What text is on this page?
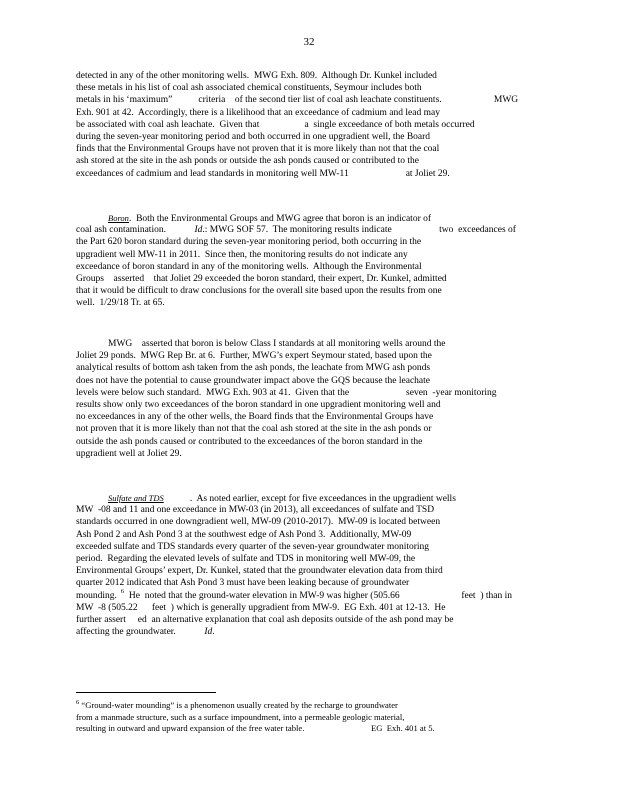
32
detected in any of the other monitoring wells.  MWG Exh. 809.  Although Dr. Kunkel included
these metals in his list of coal ash associated chemical constituents, Seymour includes both
metals in his ‘maximum”           criteria    of the second tier list of coal ash leachate constituents.                      MWG
Exh. 901 at 42.  Accordingly, there is a likelihood that an exceedance of cadmium and lead may
be associated with coal ash leachate.  Given that                   a  single exceedance of both metals occurred
during the seven-year monitoring period and both occurred in one upgradient well, the Board
finds that the Environmental Groups have not proven that it is more likely than not that the coal
ash stored at the site in the ash ponds or outside the ash ponds caused or contributed to the
exceedances of cadmium and lead standards in monitoring well MW-11                        at Joliet 29.
Boron.  Both the Environmental Groups and MWG agree that boron is an indicator of
coal ash contamination.            Id.: MWG SOF 57.  The monitoring results indicate                    two  exceedances of
the Part 620 boron standard during the seven-year monitoring period, both occurring in the
upgradient well MW-11 in 2011.  Since then, the monitoring results do not indicate any
exceedance of boron standard in any of the monitoring wells.  Although the Environmental
Groups    asserted    that Joliet 29 exceeded the boron standard, their expert, Dr. Kunkel, admitted
that it would be difficult to draw conclusions for the overall site based upon the results from one
well.  1/29/18 Tr. at 65.
MWG    asserted that boron is below Class I standards at all monitoring wells around the
Joliet 29 ponds.  MWG Rep Br. at 6.  Further, MWG’s expert Seymour stated, based upon the
analytical results of bottom ash taken from the ash ponds, the leachate from MWG ash ponds
does not have the potential to cause groundwater impact above the GQS because the leachate
levels were below such standard.  MWG Exh. 903 at 41.  Given that the                        seven  -year monitoring
results show only two exceedances of the boron standard in one upgradient monitoring well and
no exceedances in any of the other wells, the Board finds that the Environmental Groups have
not proven that it is more likely than not that the coal ash stored at the site in the ash ponds or
outside the ash ponds caused or contributed to the exceedances of the boron standard in the
upgradient well at Joliet 29.
Sulfate and TDS           .  As noted earlier, except for five exceedances in the upgradient wells
MW  -08 and 11 and one exceedance in MW-03 (in 2013), all exceedances of sulfate and TSD
standards occurred in one downgradient well, MW-09 (2010-2017).  MW-09 is located between
Ash Pond 2 and Ash Pond 3 at the southwest edge of Ash Pond 3.  Additionally, MW-09
exceeded sulfate and TDS standards every quarter of the seven-year groundwater monitoring
period.  Regarding the elevated levels of sulfate and TDS in monitoring well MW-09, the
Environmental Groups’ expert, Dr. Kunkel, stated that the groundwater elevation data from third
quarter 2012 indicated that Ash Pond 3 must have been leaking because of groundwater
mounding. $^6$  He  noted that the ground-water elevation in MW-9 was higher (505.66                          feet  ) than in
MW  -8 (505.22      feet  ) which is generally upgradient from MW-9.  EG Exh. 401 at 12-13.  He
further assert     ed  an alternative explanation that coal ash deposits outside of the ash pond may be
affecting the groundwater.            Id.
$^6$ “Ground-water mounding” is a phenomenon usually created by the recharge to groundwater
from a manmade structure, such as a surface impoundment, into a permeable geologic material,
resulting in outward and upward expansion of the free water table.                               EG  Exh. 401 at 5.
